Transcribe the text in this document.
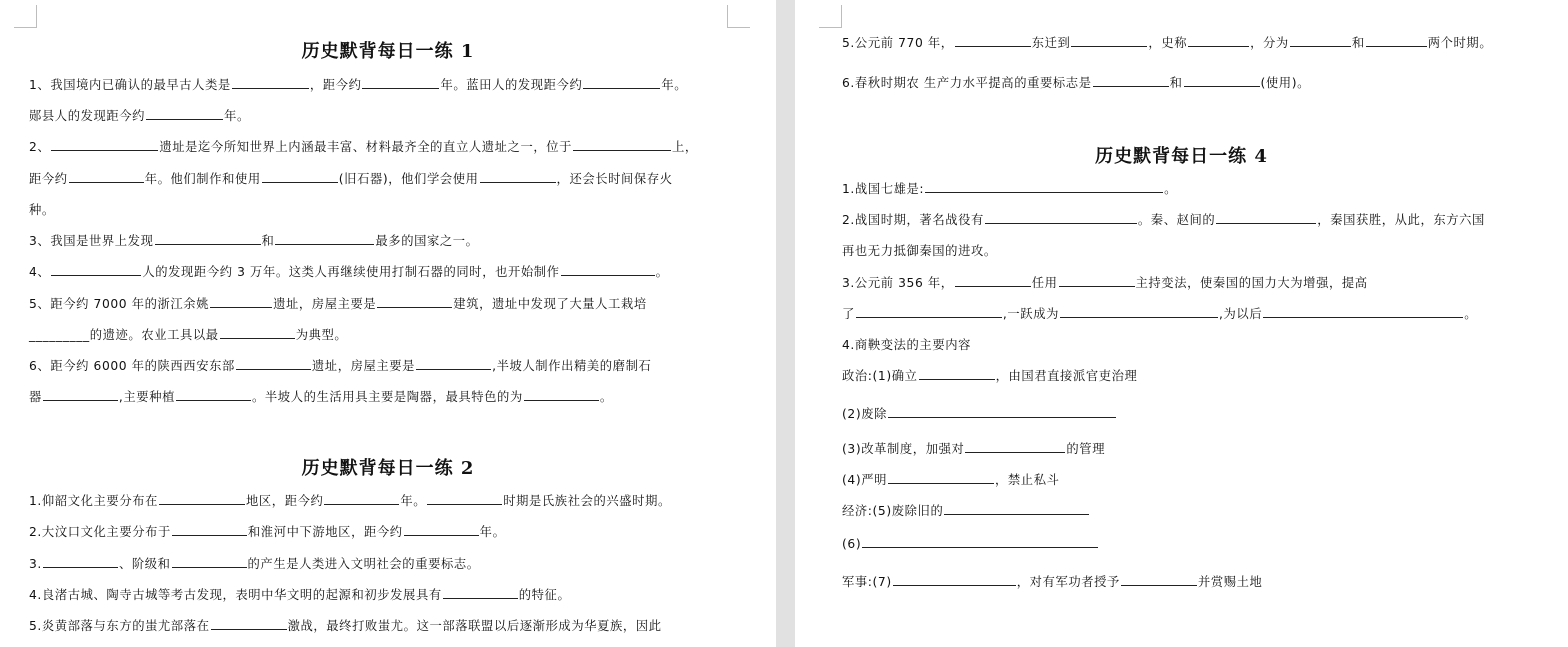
历史默背每日一练 1
1、我国境内已确认的最早古人类是	，距今约	年。蓝田人的发现距今约	年。
郧县人的发现距今约	年。
2、	遗址是迄今所知世界上内涵最丰富、材料最齐全的直立人遗址之一，位于	上，
距今约	年。他们制作和使用	(旧石器)，他们学会使用	，还会长时间保存火
种。
3、我国是世界上发现	和	最多的国家之一。
4、	人的发现距今约 3 万年。这类人再继续使用打制石器的同时，也开始制作	。
5、距今约 7000 年的浙江余姚	遗址，房屋主要是	建筑，遗址中发现了大量人工栽培
_________的遗迹。农业工具以最	为典型。
6、距今约 6000 年的陕西西安东部	遗址，房屋主要是	,半坡人制作出精美的磨制石
器	,主要种植	。半坡人的生活用具主要是陶器，最具特色的为	。
历史默背每日一练 2
1.仰韶文化主要分布在	地区，距今约	年。	时期是氏族社会的兴盛时期。
2.大汶口文化主要分布于	和淮河中下游地区，距今约	年。
3.	、阶级和	的产生是人类进入文明社会的重要标志。
4.良渚古城、陶寺古城等考古发现，表明中华文明的起源和初步发展具有	的特征。
5.炎黄部落与东方的蚩尤部落在	激战，最终打败蚩尤。这一部落联盟以后逐渐形成为华夏族，因此
5.公元前 770 年，	东迁到	，史称	，分为	和	两个时期。
6.春秋时期农 生产力水平提高的重要标志是	和	(使用)。
历史默背每日一练 4
1.战国七雄是:	。
2.战国时期，著名战役有	。秦、赵间的	，秦国获胜，从此，东方六国
再也无力抵御秦国的进攻。
3.公元前 356 年，	任用	主持变法，使秦国的国力大为增强，提高
了	,一跃成为	,为以后	。
4.商鞅变法的主要内容
政治:(1)确立	，由国君直接派官吏治理
(2)废除
(3)改革制度，加强对	的管理
(4)严明	，禁止私斗
经济:(5)废除旧的
(6)
军事:(7)	，对有军功者授予	并赏赐土地
